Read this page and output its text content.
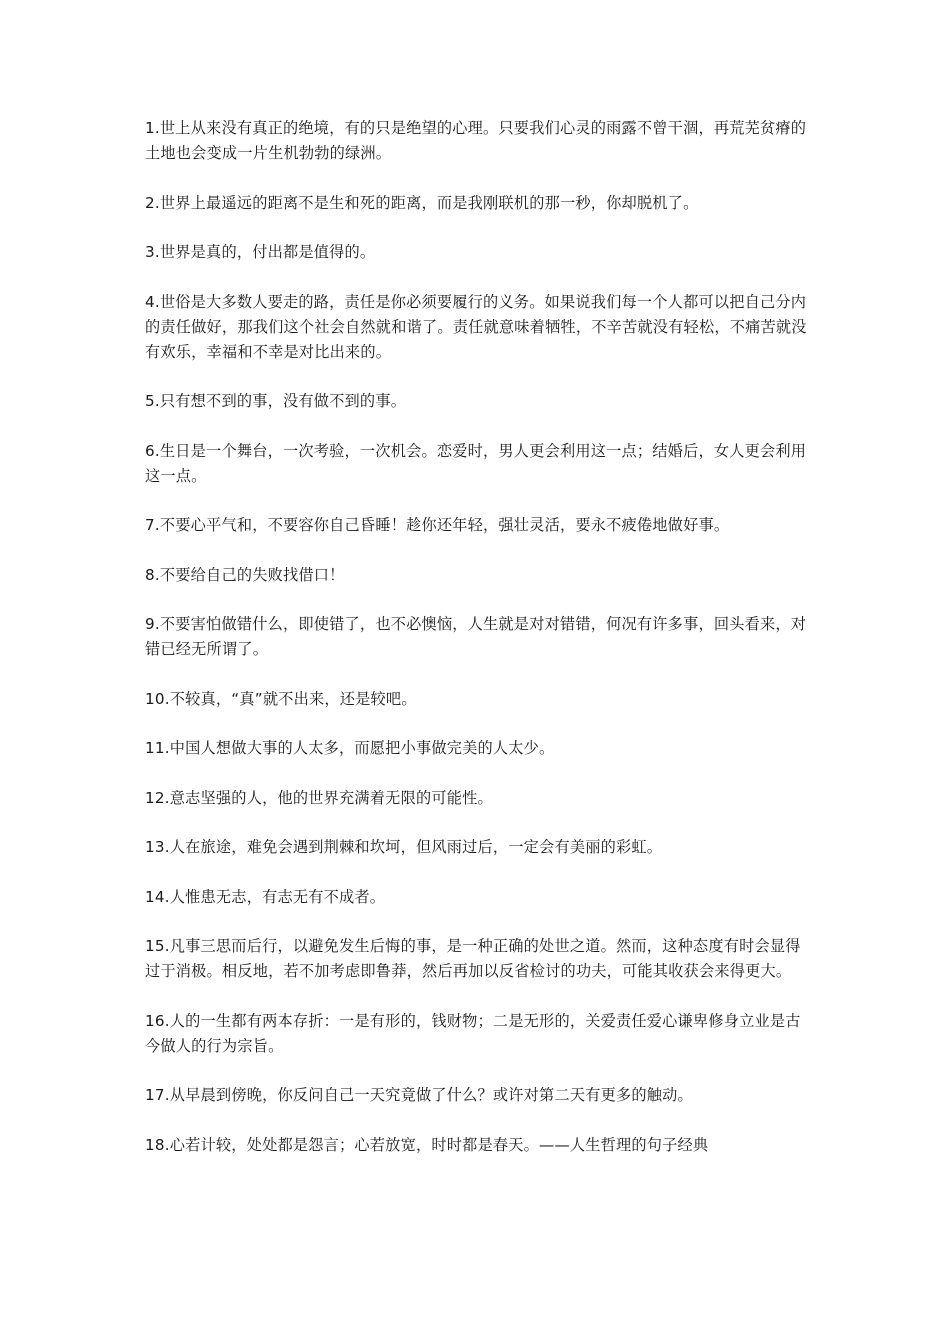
1.世上从来没有真正的绝境，有的只是绝望的心理。只要我们心灵的雨露不曾干涸，再荒芜贫瘠的土地也会变成一片生机勃勃的绿洲。

2.世界上最遥远的距离不是生和死的距离，而是我刚联机的那一秒，你却脱机了。

3.世界是真的，付出都是值得的。

4.世俗是大多数人要走的路，责任是你必须要履行的义务。如果说我们每一个人都可以把自己分内的责任做好，那我们这个社会自然就和谐了。责任就意味着牺牲，不辛苦就没有轻松，不痛苦就没有欢乐，幸福和不幸是对比出来的。

5.只有想不到的事，没有做不到的事。

6.生日是一个舞台，一次考验，一次机会。恋爱时，男人更会利用这一点；结婚后，女人更会利用这一点。

7.不要心平气和，不要容你自己昏睡！趁你还年轻，强壮灵活，要永不疲倦地做好事。

8.不要给自己的失败找借口！

9.不要害怕做错什么，即使错了，也不必懊恼，人生就是对对错错，何况有许多事，回头看来，对错已经无所谓了。

10.不较真，“真”就不出来，还是较吧。

11.中国人想做大事的人太多，而愿把小事做完美的人太少。

12.意志坚强的人，他的世界充满着无限的可能性。

13.人在旅途，难免会遇到荆棘和坎坷，但风雨过后，一定会有美丽的彩虹。

14.人惟患无志，有志无有不成者。

15.凡事三思而后行，以避免发生后悔的事，是一种正确的处世之道。然而，这种态度有时会显得过于消极。相反地，若不加考虑即鲁莽，然后再加以反省检讨的功夫，可能其收获会来得更大。

16.人的一生都有两本存折：一是有形的，钱财物；二是无形的，关爱责任爱心谦卑修身立业是古今做人的行为宗旨。

17.从早晨到傍晚，你反问自己一天究竟做了什么？或许对第二天有更多的触动。

18.心若计较，处处都是怨言；心若放宽，时时都是春天。——人生哲理的句子经典
